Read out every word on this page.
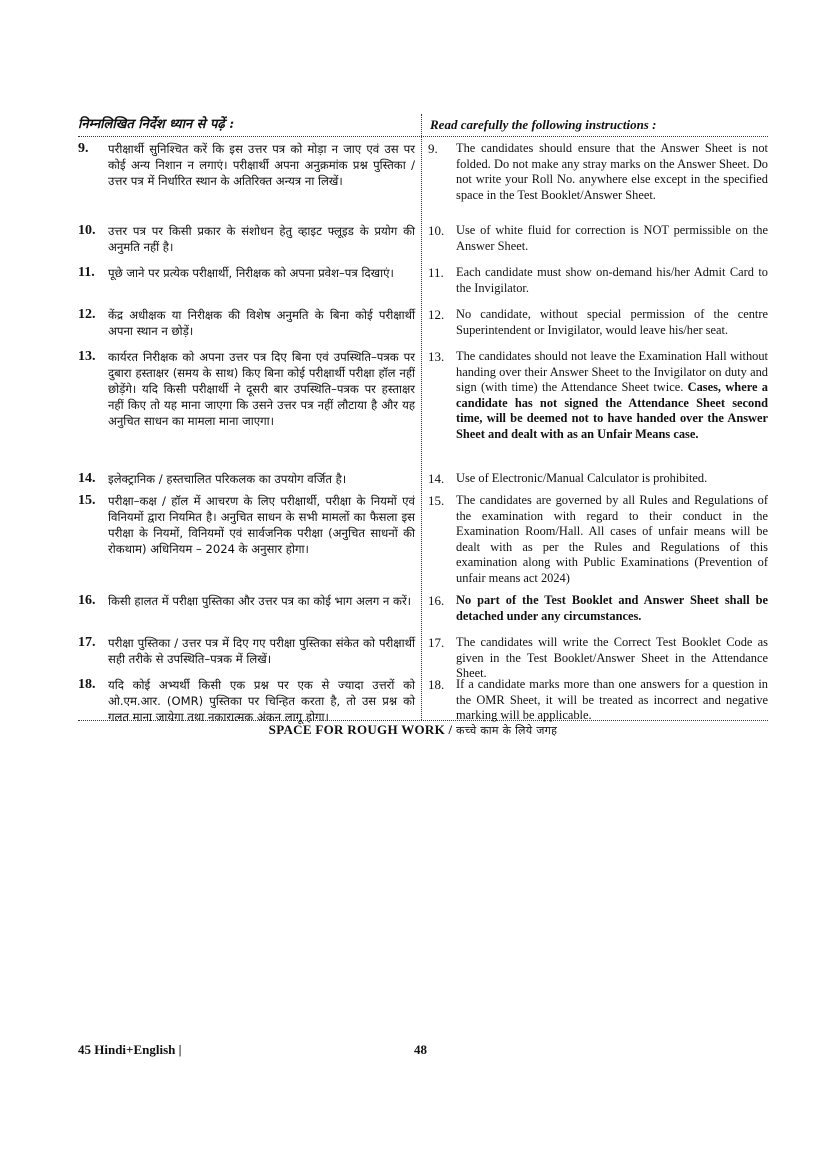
निम्नलिखित निर्देश ध्यान से पढ़ें :	Read carefully the following instructions :
9.	परीक्षार्थी सुनिश्चित करें कि इस उत्तर पत्र को मोड़ा न जाए एवं उस पर कोई अन्य निशान न लगाएं। परीक्षार्थी अपना अनुक्रमांक प्रश्न पुस्तिका / उत्तर पत्र में निर्धारित स्थान के अतिरिक्त अन्यत्र ना लिखें।
10.	उत्तर पत्र पर किसी प्रकार के संशोधन हेतु व्हाइट फ्लूइड के प्रयोग की अनुमति नहीं है।
11.	पूछे जाने पर प्रत्येक परीक्षार्थी, निरीक्षक को अपना प्रवेश–पत्र दिखाएं।
12.	केंद्र अधीक्षक या निरीक्षक की विशेष अनुमति के बिना कोई परीक्षार्थी अपना स्थान न छोड़ें।
13.	कार्यरत निरीक्षक को अपना उत्तर पत्र दिए बिना एवं उपस्थिति–पत्रक पर दुबारा हस्ताक्षर (समय के साथ) किए बिना कोई परीक्षार्थी परीक्षा हॉल नहीं छोड़ेंगे। यदि किसी परीक्षार्थी ने दूसरी बार उपस्थिति–पत्रक पर हस्ताक्षर नहीं किए तो यह माना जाएगा कि उसने उत्तर पत्र नहीं लौटाया है और यह अनुचित साधन का मामला माना जाएगा।
14.	इलेक्ट्रानिक / हस्तचालित परिकलक का उपयोग वर्जित है।
15.	परीक्षा–कक्ष / हॉल में आचरण के लिए परीक्षार्थी, परीक्षा के नियमों एवं विनियमों द्वारा नियमित है। अनुचित साधन के सभी मामलों का फैसला इस परीक्षा के नियमों, विनियमों एवं सार्वजनिक परीक्षा (अनुचित साधनों की रोकथाम) अधिनियम – 2024 के अनुसार होगा।
16.	किसी हालत में परीक्षा पुस्तिका और उत्तर पत्र का कोई भाग अलग न करें।
17.	परीक्षा पुस्तिका / उत्तर पत्र में दिए गए परीक्षा पुस्तिका संकेत को परीक्षार्थी सही तरीके से उपस्थिति–पत्रक में लिखें।
18.	यदि कोई अभ्यर्थी किसी एक प्रश्न पर एक से ज्यादा उत्तरों को ओ.एम.आर. (OMR) पुस्तिका पर चिन्हित करता है, तो उस प्रश्न को गलत माना जायेगा तथा नकारात्मक अंकन लागू होगा।
9.	The candidates should ensure that the Answer Sheet is not folded. Do not make any stray marks on the Answer Sheet. Do not write your Roll No. anywhere else except in the specified space in the Test Booklet/Answer Sheet.
10. Use of white fluid for correction is NOT permissible on the Answer Sheet.
11. Each candidate must show on-demand his/her Admit Card to the Invigilator.
12. No candidate, without special permission of the centre Superintendent or Invigilator, would leave his/her seat.
13. The candidates should not leave the Examination Hall without handing over their Answer Sheet to the Invigilator on duty and sign (with time) the Attendance Sheet twice. Cases, where a candidate has not signed the Attendance Sheet second time, will be deemed not to have handed over the Answer Sheet and dealt with as an Unfair Means case.
14. Use of Electronic/Manual Calculator is prohibited.
15. The candidates are governed by all Rules and Regulations of the examination with regard to their conduct in the Examination Room/Hall. All cases of unfair means will be dealt with as per the Rules and Regulations of this examination along with Public Examinations (Prevention of unfair means act 2024)
16. No part of the Test Booklet and Answer Sheet shall be detached under any circumstances.
17. The candidates will write the Correct Test Booklet Code as given in the Test Booklet/Answer Sheet in the Attendance Sheet.
18. If a candidate marks more than one answers for a question in the OMR Sheet, it will be treated as incorrect and negative marking will be applicable.
SPACE FOR ROUGH WORK / कच्चे काम के लिये जगह
45 Hindi+English |	48
